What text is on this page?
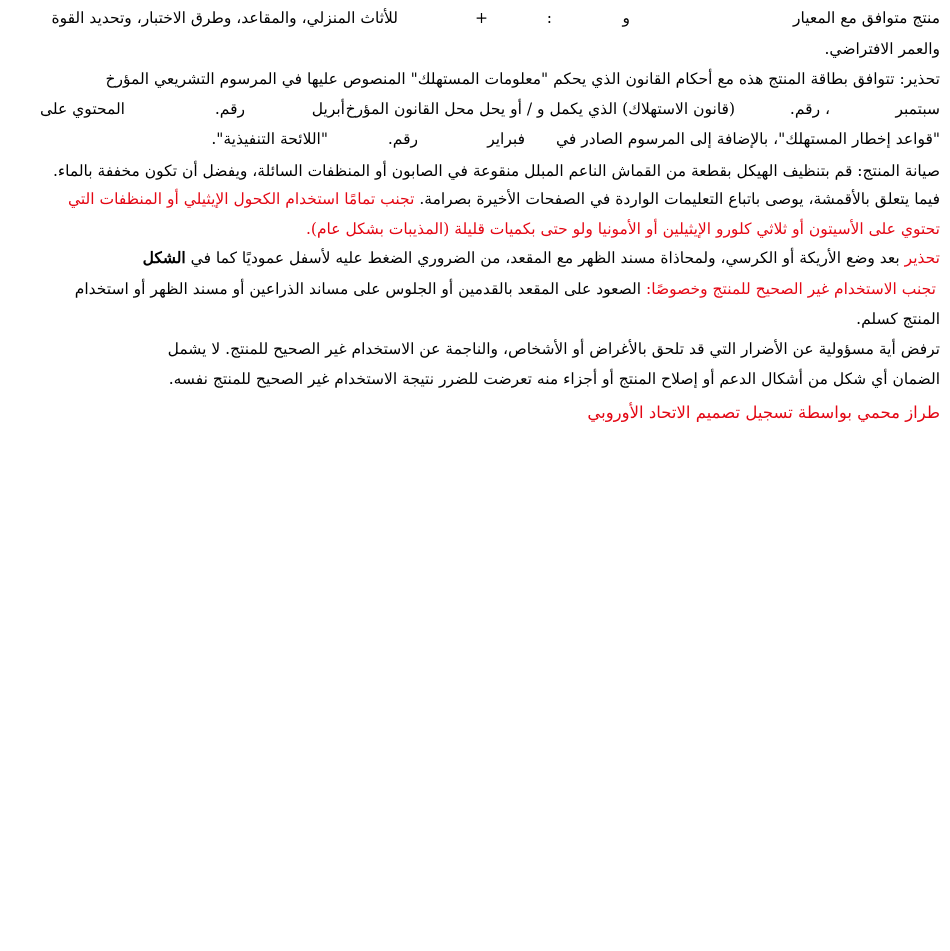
منتج متوافق مع المعيار
و
:
+
للأثاث المنزلي، والمقاعد، وطرق الاختبار، وتحديد القوة
والعمر الافتراضي.
تحذير: تتوافق بطاقة المنتج هذه مع أحكام القانون الذي يحكم "معلومات المستهلك" المنصوص عليها في المرسوم التشريعي المؤرخ
سبتمبر
، رقم.
(قانون الاستهلاك) الذي يكمل و / أو يحل محل القانون المؤرخ
أبريل
رقم.
المحتوي على
"قواعد إخطار المستهلك"، بالإضافة إلى المرسوم الصادر في
فبراير
رقم.
"اللائحة التنفيذية".
صيانة المنتج: قم بتنظيف الهيكل بقطعة من القماش الناعم المبلل منقوعة في الصابون أو المنظفات السائلة، ويفضل أن تكون مخففة بالماء.
فيما يتعلق بالأقمشة، يوصى باتباع التعليمات الواردة في الصفحات الأخيرة بصرامة. تجنب تمامًا استخدام الكحول الإيثيلي أو المنظفات التي
تحتوي على الأسيتون أو ثلاثي كلورو الإيثيلين أو الأمونيا ولو حتى بكميات قليلة (المذيبات بشكل عام).
تحذير بعد وضع الأريكة أو الكرسي، ولمحاذاة مسند الظهر مع المقعد، من الضروري الضغط عليه لأسفل عموديًا كما في الشكل
تجنب الاستخدام غير الصحيح للمنتج وخصوصًا: الصعود على المقعد بالقدمين أو الجلوس على مساند الذراعين أو مسند الظهر أو استخدام
المنتج كسلم.
ترفض أية مسؤولية عن الأضرار التي قد تلحق بالأغراض أو الأشخاص، والناجمة عن الاستخدام غير الصحيح للمنتج. لا يشمل
الضمان أي شكل من أشكال الدعم أو إصلاح المنتج أو أجزاء منه تعرضت للضرر نتيجة الاستخدام غير الصحيح للمنتج نفسه.
طراز محمي بواسطة تسجيل تصميم الاتحاد الأوروبي
